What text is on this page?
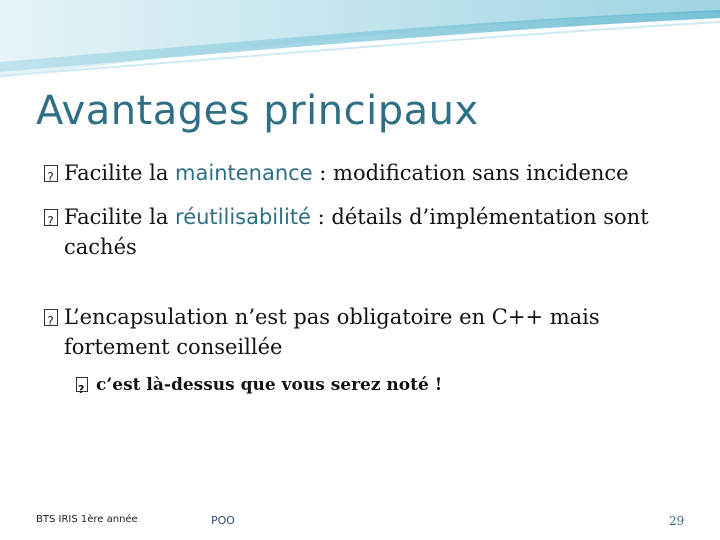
Avantages principaux
?
Facilite la maintenance : modification sans incidence
?
Facilite la réutilisabilité : détails d’implémentation sont cachés
?
L’encapsulation n’est pas obligatoire en C++ mais fortement conseillée
?
c’est là-dessus que vous serez noté !
BTS IRIS 1ère année	POO	29
